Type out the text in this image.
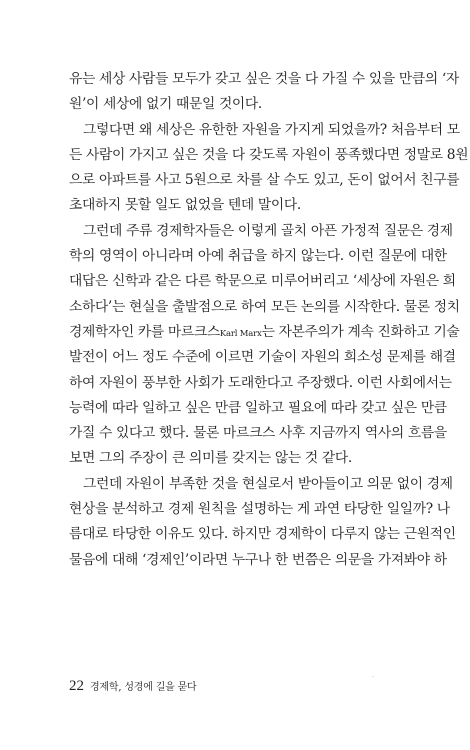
유는 세상 사람들 모두가 갖고 싶은 것을 다 가질 수 있을 만큼의 ‘자
원’이 세상에 없기 때문일 것이다.
그렇다면 왜 세상은 유한한 자원을 가지게 되었을까? 처음부터 모
든 사람이 가지고 싶은 것을 다 갖도록 자원이 풍족했다면 정말로 8원
으로 아파트를 사고 5원으로 차를 살 수도 있고, 돈이 없어서 친구를
초대하지 못할 일도 없었을 텐데 말이다.
그런데 주류 경제학자들은 이렇게 골치 아픈 가정적 질문은 경제
학의 영역이 아니라며 아예 취급을 하지 않는다. 이런 질문에 대한
대답은 신학과 같은 다른 학문으로 미루어버리고 ‘세상에 자원은 희
소하다’는 현실을 출발점으로 하여 모든 논의를 시작한다. 물론 정치
경제학자인 카를 마르크스Karl Marx는 자본주의가 계속 진화하고 기술
발전이 어느 정도 수준에 이르면 기술이 자원의 희소성 문제를 해결
하여 자원이 풍부한 사회가 도래한다고 주장했다. 이런 사회에서는
능력에 따라 일하고 싶은 만큼 일하고 필요에 따라 갖고 싶은 만큼
가질 수 있다고 했다. 물론 마르크스 사후 지금까지 역사의 흐름을
보면 그의 주장이 큰 의미를 갖지는 않는 것 같다.
그런데 자원이 부족한 것을 현실로서 받아들이고 의문 없이 경제
현상을 분석하고 경제 원칙을 설명하는 게 과연 타당한 일일까? 나
름대로 타당한 이유도 있다. 하지만 경제학이 다루지 않는 근원적인
물음에 대해 ‘경제인’이라면 누구나 한 번쯤은 의문을 가져봐야 하
22 경제학, 성경에 길을 묻다
